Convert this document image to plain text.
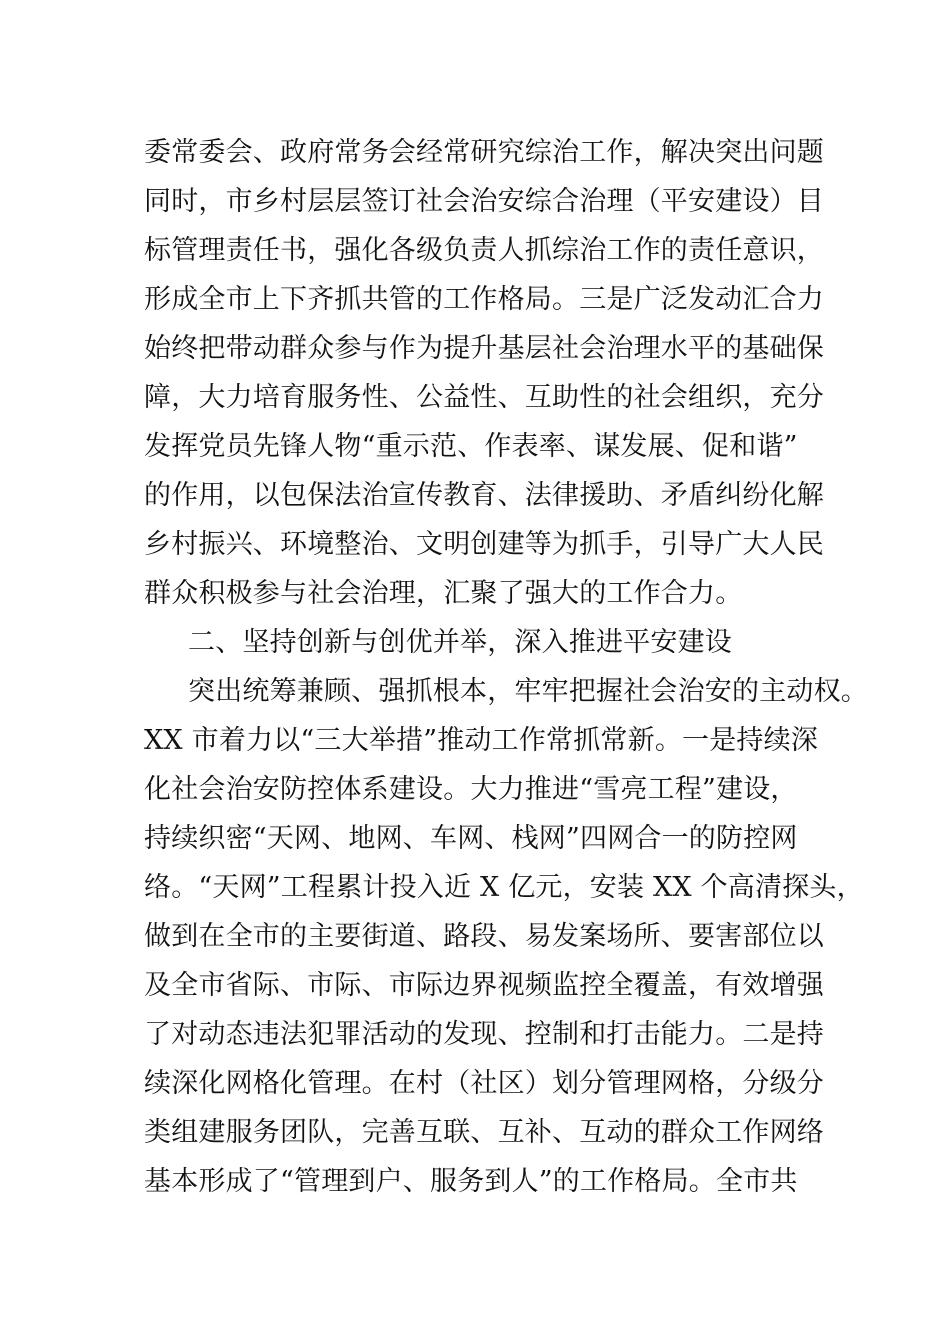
委常委会、政府常务会经常研究综治工作，解决突出问题
同时，市乡村层层签订社会治安综合治理（平安建设）目
标管理责任书，强化各级负责人抓综治工作的责任意识，
形成全市上下齐抓共管的工作格局。三是广泛发动汇合力
始终把带动群众参与作为提升基层社会治理水平的基础保
障，大力培育服务性、公益性、互助性的社会组织，充分
发挥党员先锋人物“重示范、作表率、谋发展、促和谐”
的作用，以包保法治宣传教育、法律援助、矛盾纠纷化解
乡村振兴、环境整治、文明创建等为抓手，引导广大人民
群众积极参与社会治理，汇聚了强大的工作合力。
二、坚持创新与创优并举，深入推进平安建设
突出统筹兼顾、强抓根本，牢牢把握社会治安的主动权。
XX 市着力以“三大举措”推动工作常抓常新。一是持续深
化社会治安防控体系建设。大力推进“雪亮工程”建设，
持续织密“天网、地网、车网、栈网”四网合一的防控网
络。“天网”工程累计投入近 X 亿元，安装 XX 个高清探头，
做到在全市的主要街道、路段、易发案场所、要害部位以
及全市省际、市际、市际边界视频监控全覆盖，有效增强
了对动态违法犯罪活动的发现、控制和打击能力。二是持
续深化网格化管理。在村（社区）划分管理网格，分级分
类组建服务团队，完善互联、互补、互动的群众工作网络
基本形成了“管理到户、服务到人”的工作格局。全市共
